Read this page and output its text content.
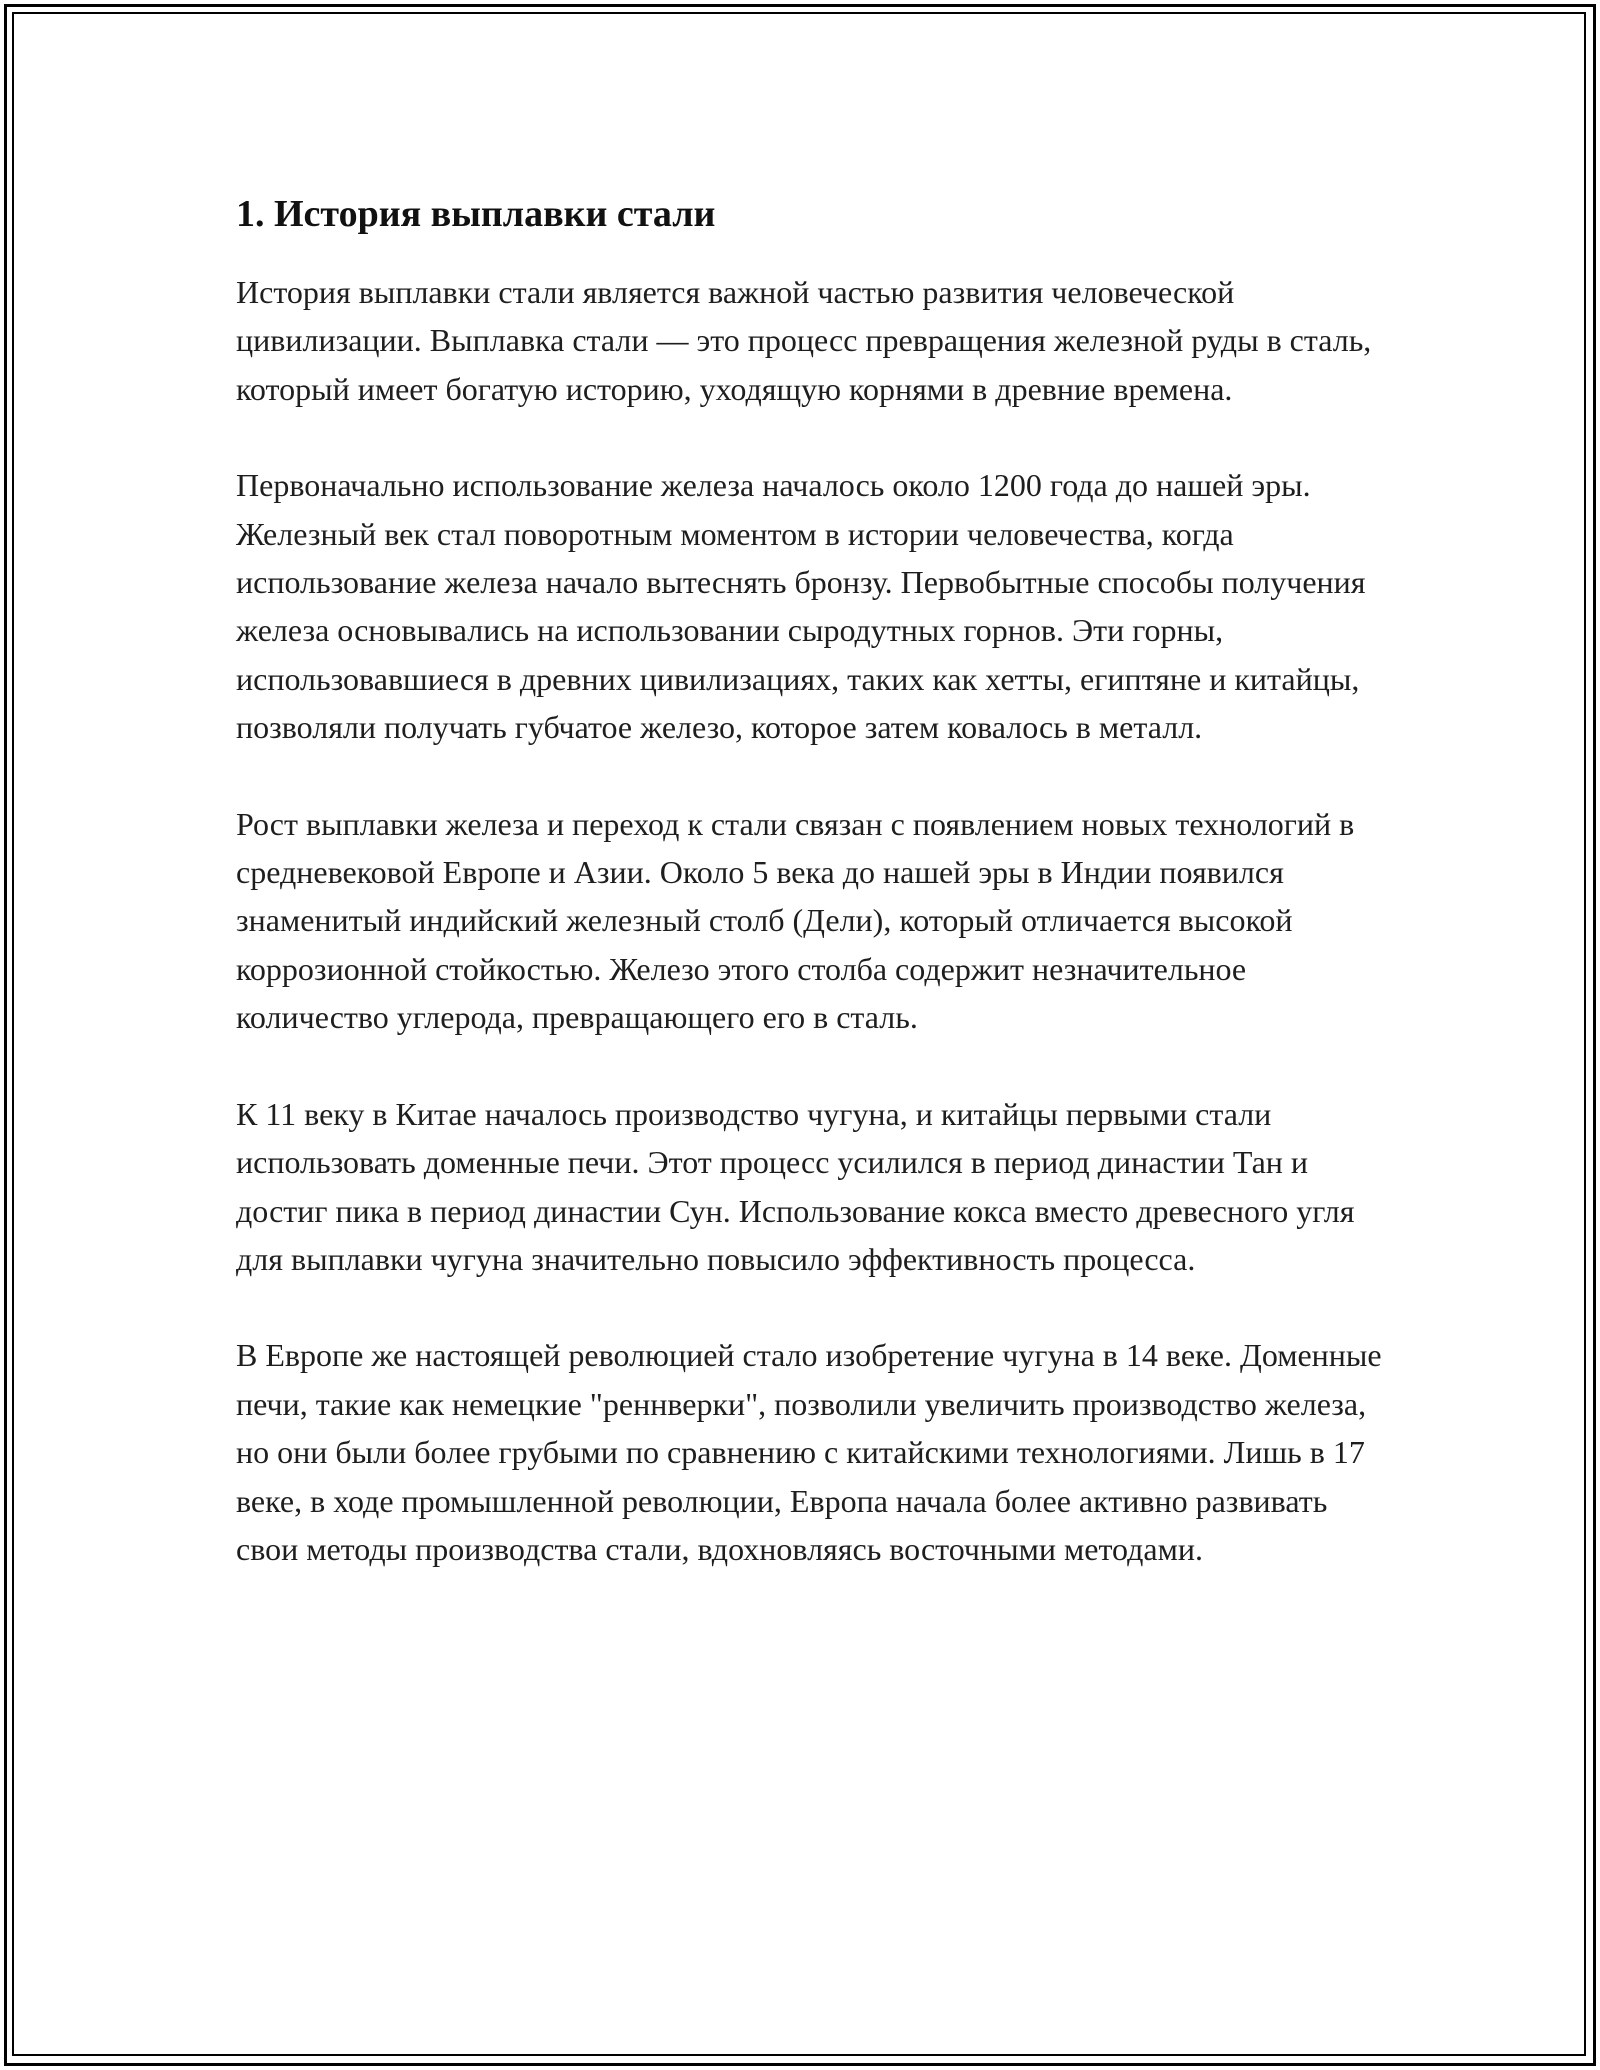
1. История выплавки стали

История выплавки стали является важной частью развития человеческой цивилизации. Выплавка стали — это процесс превращения железной руды в сталь, который имеет богатую историю, уходящую корнями в древние времена.

Первоначально использование железа началось около 1200 года до нашей эры. Железный век стал поворотным моментом в истории человечества, когда использование железа начало вытеснять бронзу. Первобытные способы получения железа основывались на использовании сыродутных горнов. Эти горны, использовавшиеся в древних цивилизациях, таких как хетты, египтяне и китайцы, позволяли получать губчатое железо, которое затем ковалось в металл.

Рост выплавки железа и переход к стали связан с появлением новых технологий в средневековой Европе и Азии. Около 5 века до нашей эры в Индии появился знаменитый индийский железный столб (Дели), который отличается высокой коррозионной стойкостью. Железо этого столба содержит незначительное количество углерода, превращающего его в сталь.

К 11 веку в Китае началось производство чугуна, и китайцы первыми стали использовать доменные печи. Этот процесс усилился в период династии Тан и достиг пика в период династии Сун. Использование кокса вместо древесного угля для выплавки чугуна значительно повысило эффективность процесса.

В Европе же настоящей революцией стало изобретение чугуна в 14 веке. Доменные печи, такие как немецкие "реннверки", позволили увеличить производство железа, но они были более грубыми по сравнению с китайскими технологиями. Лишь в 17 веке, в ходе промышленной революции, Европа начала более активно развивать свои методы производства стали, вдохновляясь восточными методами.
